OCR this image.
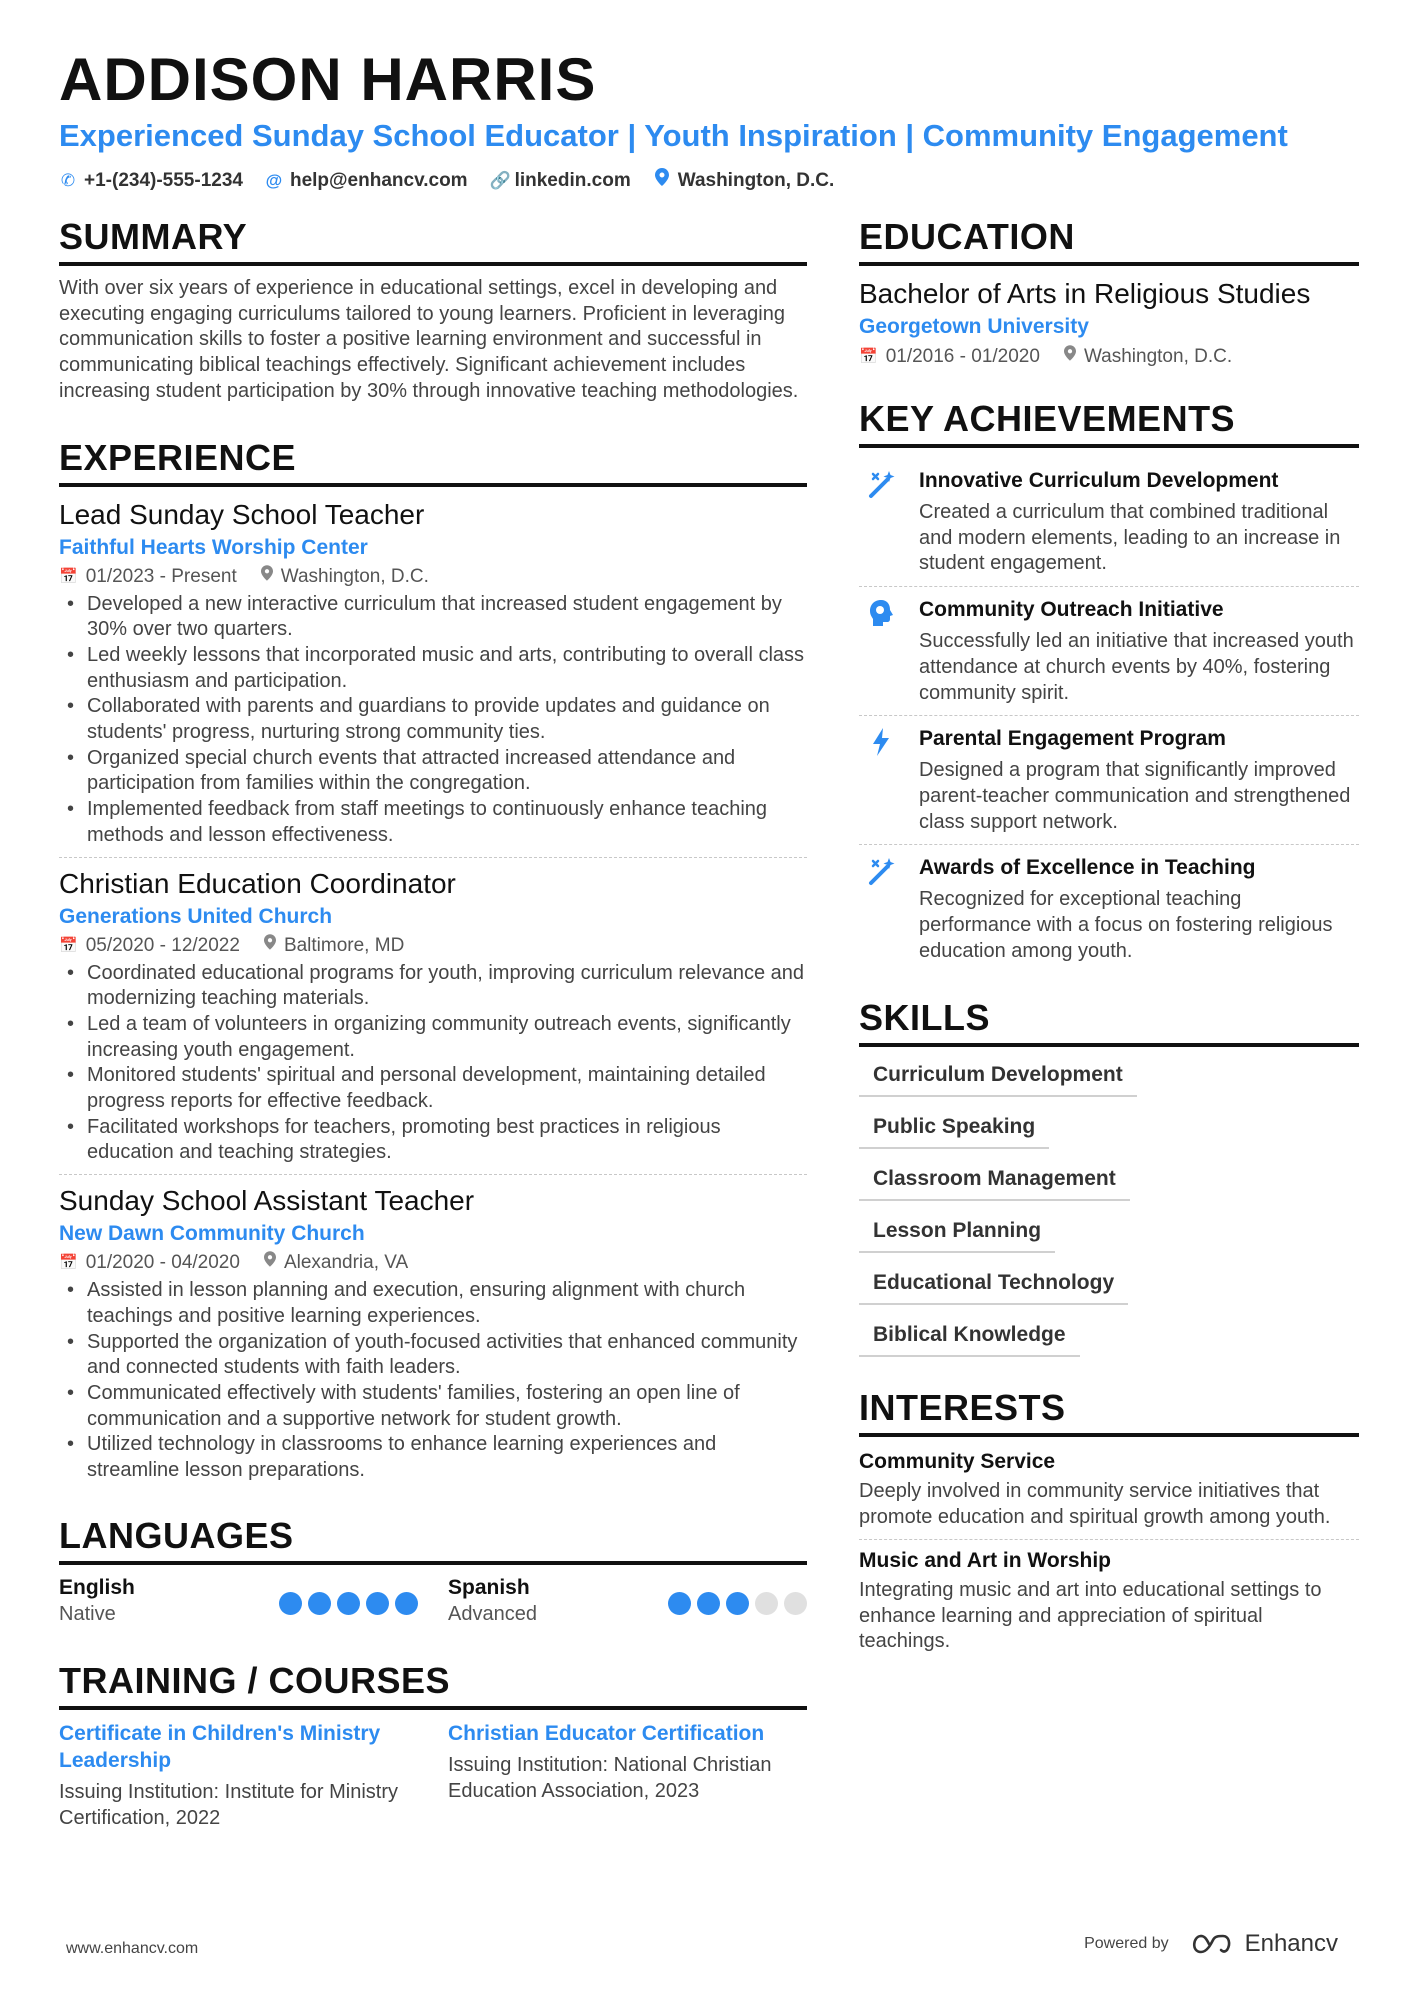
ADDISON HARRIS
Experienced Sunday School Educator | Youth Inspiration | Community Engagement
✆ +1-(234)-555-1234 @ help@enhancv.com 🔗 linkedin.com Washington, D.C.
SUMMARY
With over six years of experience in educational settings, excel in developing and executing engaging curriculums tailored to young learners. Proficient in leveraging communication skills to foster a positive learning environment and successful in communicating biblical teachings effectively. Significant achievement includes increasing student participation by 30% through innovative teaching methodologies.
EXPERIENCE
Lead Sunday School Teacher
Faithful Hearts Worship Center
📅 01/2023 - Present Washington, D.C.
• Developed a new interactive curriculum that increased student engagement by 30% over two quarters.
• Led weekly lessons that incorporated music and arts, contributing to overall class enthusiasm and participation.
• Collaborated with parents and guardians to provide updates and guidance on students' progress, nurturing strong community ties.
• Organized special church events that attracted increased attendance and participation from families within the congregation.
• Implemented feedback from staff meetings to continuously enhance teaching methods and lesson effectiveness.
Christian Education Coordinator
Generations United Church
📅 05/2020 - 12/2022 Baltimore, MD
• Coordinated educational programs for youth, improving curriculum relevance and modernizing teaching materials.
• Led a team of volunteers in organizing community outreach events, significantly increasing youth engagement.
• Monitored students' spiritual and personal development, maintaining detailed progress reports for effective feedback.
• Facilitated workshops for teachers, promoting best practices in religious education and teaching strategies.
Sunday School Assistant Teacher
New Dawn Community Church
📅 01/2020 - 04/2020 Alexandria, VA
• Assisted in lesson planning and execution, ensuring alignment with church teachings and positive learning experiences.
• Supported the organization of youth-focused activities that enhanced community and connected students with faith leaders.
• Communicated effectively with students' families, fostering an open line of communication and a supportive network for student growth.
• Utilized technology in classrooms to enhance learning experiences and streamline lesson preparations.
LANGUAGES
English
Native
Spanish
Advanced
TRAINING / COURSES
Certificate in Children's Ministry Leadership
Issuing Institution: Institute for Ministry Certification, 2022
Christian Educator Certification
Issuing Institution: National Christian Education Association, 2023
EDUCATION
Bachelor of Arts in Religious Studies
Georgetown University
📅 01/2016 - 01/2020 Washington, D.C.
KEY ACHIEVEMENTS
Innovative Curriculum Development
Created a curriculum that combined traditional and modern elements, leading to an increase in student engagement.
Community Outreach Initiative
Successfully led an initiative that increased youth attendance at church events by 40%, fostering community spirit.
Parental Engagement Program
Designed a program that significantly improved parent-teacher communication and strengthened class support network.
Awards of Excellence in Teaching
Recognized for exceptional teaching performance with a focus on fostering religious education among youth.
SKILLS
Curriculum Development
Public Speaking
Classroom Management
Lesson Planning
Educational Technology
Biblical Knowledge
INTERESTS
Community Service
Deeply involved in community service initiatives that promote education and spiritual growth among youth.
Music and Art in Worship
Integrating music and art into educational settings to enhance learning and appreciation of spiritual teachings.
www.enhancv.com	Powered by	Enhancv
